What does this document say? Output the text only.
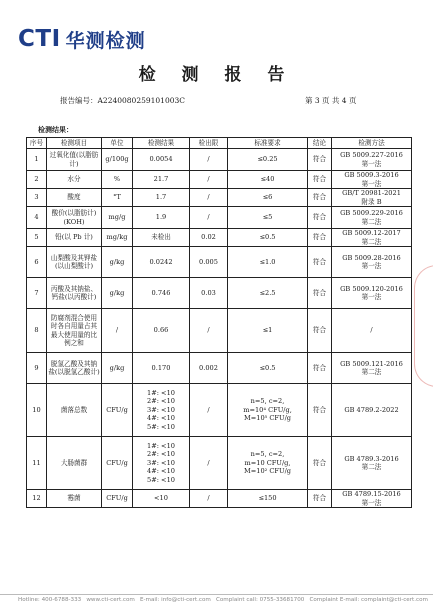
CTI 华测检测
检 测 报 告
报告编号：A2240080259101003C	第 3 页 共 4 页
检测结果：
序号	检测项目	单位	检测结果	检出限	标准要求	结论	检测方法
1	过氧化值(以脂肪计)	g/100g	0.0054	/	≤0.25	符合	GB 5009.227-2016
第一法
2	水分	%	21.7	/	≤40	符合	GB 5009.3-2016
第一法
3	酸度	°T	1.7	/	≤6	符合	GB/T 20981-2021
附录 B
4	酸价(以脂肪计)(KOH)	mg/g	1.9	/	≤5	符合	GB 5009.229-2016
第二法
5	铅(以 Pb 计)	mg/kg	未检出	0.02	≤0.5	符合	GB 5009.12-2017
第二法
6	山梨酸及其钾盐(以山梨酸计)	g/kg	0.0242	0.005	≤1.0	符合	GB 5009.28-2016
第一法
7	丙酸及其钠盐、钙盐(以丙酸计)	g/kg	0.746	0.03	≤2.5	符合	GB 5009.120-2016
第一法
8	防腐剂混合使用时各自用量占其最大使用量的比例之和	/	0.66	/	≤1	符合	/
9	脱氢乙酸及其钠盐(以脱氢乙酸计)	g/kg	0.170	0.002	≤0.5	符合	GB 5009.121-2016
第二法
10	菌落总数	CFU/g	1#: <10
2#: <10
3#: <10
4#: <10
5#: <10	/	n=5, c=2,
m=10⁴ CFU/g,
M=10⁵ CFU/g	符合	GB 4789.2-2022
11	大肠菌群	CFU/g	1#: <10
2#: <10
3#: <10
4#: <10
5#: <10	/	n=5, c=2,
m=10 CFU/g,
M=10² CFU/g	符合	GB 4789.3-2016
第二法
12	霉菌	CFU/g	<10	/	≤150	符合	GB 4789.15-2016
第一法
Hotline: 400-6788-333 www.cti-cert.com E-mail: info@cti-cert.com Complaint call: 0755-33681700 Complaint E-mail: complaint@cti-cert.com
